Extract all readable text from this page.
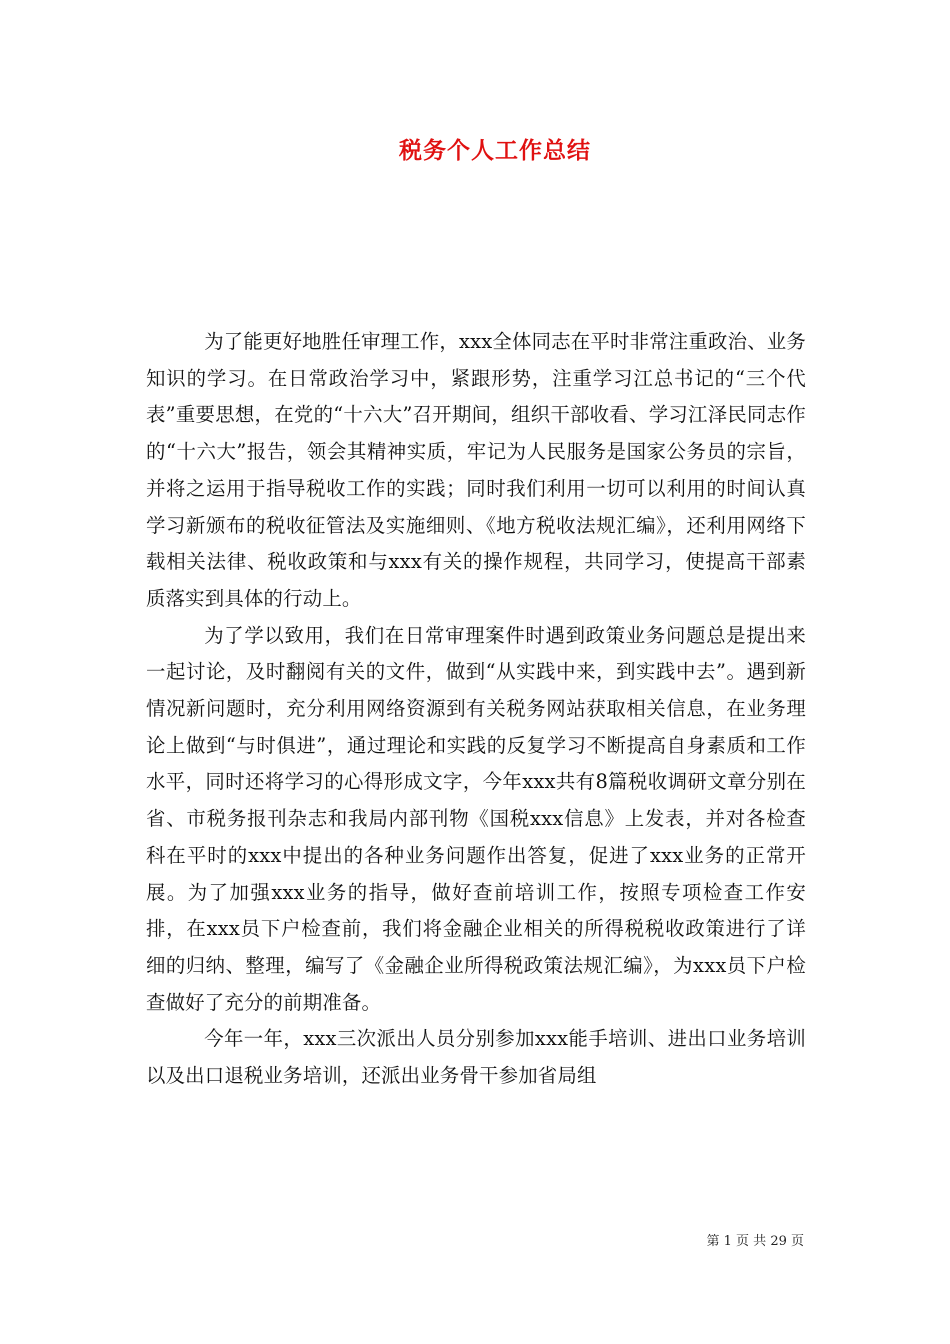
税务个人工作总结

为了能更好地胜任审理工作，xxx全体同志在平时非常注重政治、业务知识的学习。在日常政治学习中，紧跟形势，注重学习江总书记的“三个代表”重要思想，在党的“十六大”召开期间，组织干部收看、学习江泽民同志作的“十六大”报告，领会其精神实质，牢记为人民服务是国家公务员的宗旨，并将之运用于指导税收工作的实践；同时我们利用一切可以利用的时间认真学习新颁布的税收征管法及实施细则、《地方税收法规汇编》，还利用网络下载相关法律、税收政策和与xxx有关的操作规程，共同学习，使提高干部素质落实到具体的行动上。

为了学以致用，我们在日常审理案件时遇到政策业务问题总是提出来一起讨论，及时翻阅有关的文件，做到“从实践中来，到实践中去”。遇到新情况新问题时，充分利用网络资源到有关税务网站获取相关信息，在业务理论上做到“与时俱进”，通过理论和实践的反复学习不断提高自身素质和工作水平，同时还将学习的心得形成文字，今年xxx共有8篇税收调研文章分别在省、市税务报刊杂志和我局内部刊物《国税xxx信息》上发表，并对各检查科在平时的xxx中提出的各种业务问题作出答复，促进了xxx业务的正常开展。为了加强xxx业务的指导，做好查前培训工作，按照专项检查工作安排，在xxx员下户检查前，我们将金融企业相关的所得税税收政策进行了详细的归纳、整理，编写了《金融企业所得税政策法规汇编》，为xxx员下户检查做好了充分的前期准备。

今年一年，xxx三次派出人员分别参加xxx能手培训、进出口业务培训以及出口退税业务培训，还派出业务骨干参加省局组

第 1 页 共 29 页
